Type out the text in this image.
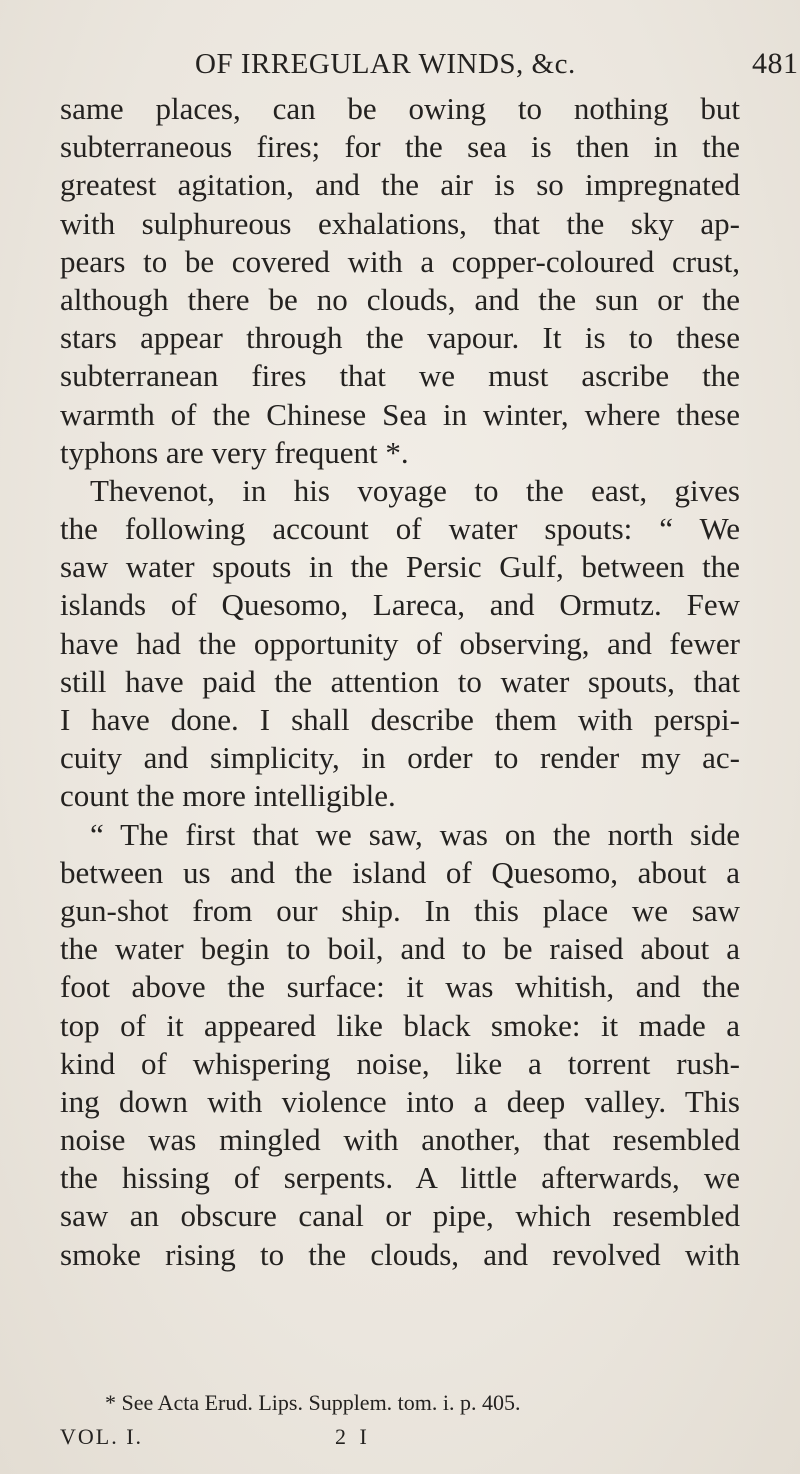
OF IRREGULAR WINDS, &c.	481
same places, can be owing to nothing but
subterraneous fires; for the sea is then in the
greatest agitation, and the air is so impregnated
with sulphureous exhalations, that the sky ap-
pears to be covered with a copper-coloured crust,
although there be no clouds, and the sun or the
stars appear through the vapour. It is to these
subterranean fires that we must ascribe the
warmth of the Chinese Sea in winter, where these
typhons are very frequent *.
Thevenot, in his voyage to the east, gives
the following account of water spouts: “ We
saw water spouts in the Persic Gulf, between the
islands of Quesomo, Lareca, and Ormutz. Few
have had the opportunity of observing, and fewer
still have paid the attention to water spouts, that
I have done. I shall describe them with perspi-
cuity and simplicity, in order to render my ac-
count the more intelligible.
“ The first that we saw, was on the north side
between us and the island of Quesomo, about a
gun-shot from our ship. In this place we saw
the water begin to boil, and to be raised about a
foot above the surface: it was whitish, and the
top of it appeared like black smoke: it made a
kind of whispering noise, like a torrent rush-
ing down with violence into a deep valley. This
noise was mingled with another, that resembled
the hissing of serpents. A little afterwards, we
saw an obscure canal or pipe, which resembled
smoke rising to the clouds, and revolved with
* See Acta Erud. Lips. Supplem. tom. i. p. 405.
VOL. I.	2 I
